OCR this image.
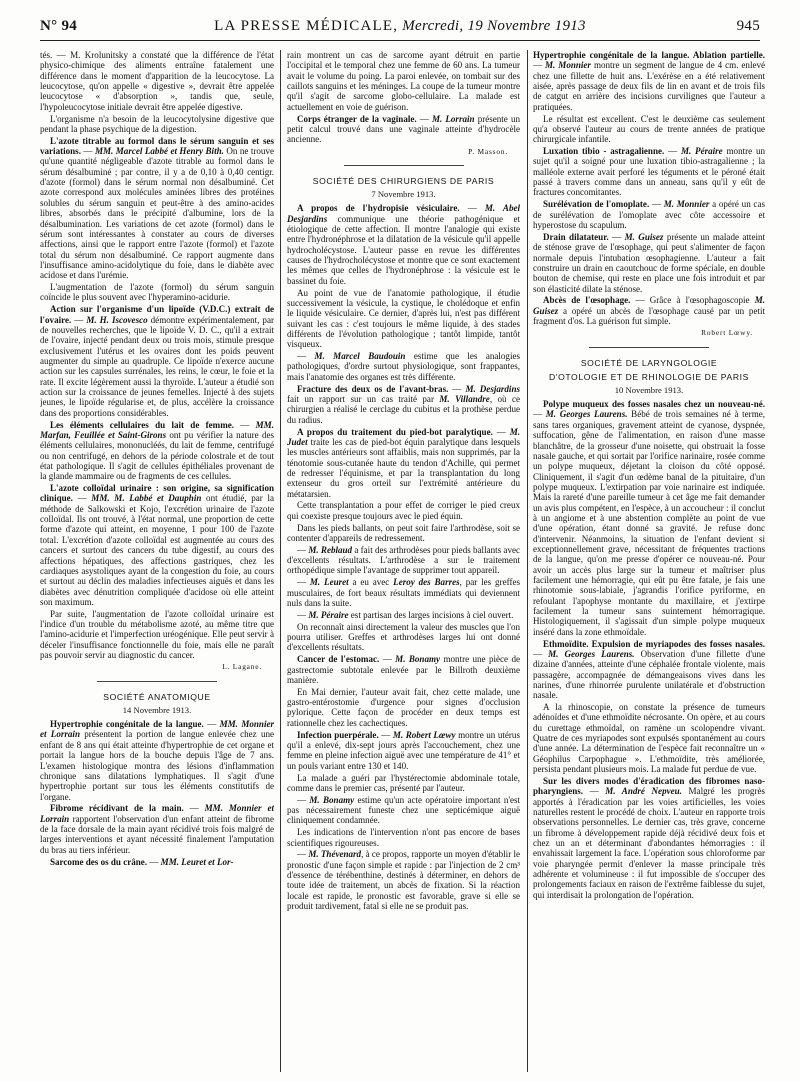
N° 94	LA PRESSE MÉDICALE, Mercredi, 19 Novembre 1913	945

tés. — M. Krolunitsky a constaté que la différence de l'état physico-chimique des aliments entraîne fatalement une différence dans le moment d'apparition de la leucocytose. La leucocytose, qu'on appelle « digestive », devrait être appelée leucocytose « d'absorption », tandis que, seule, l'hypoleucocytose initiale devrait être appelée digestive.

L'organisme n'a besoin de la leucocytolysine digestive que pendant la phase psychique de la digestion.

L'azote titrable au formol dans le sérum sanguin et ses variations. — MM. Marcel Labbé et Henry Bith. On ne trouve qu'une quantité négligeable d'azote titrable au formol dans le sérum désalbuminé ; par contre, il y a de 0,10 à 0,40 centigr. d'azote (formol) dans le sérum normal non désalbuminé. Cet azote correspond aux molécules aminées libres des protéines solubles du sérum sanguin et peut-être à des amino-acides libres, absorbés dans le précipité d'albumine, lors de la désalbumination. Les variations de cet azote (formol) dans le sérum sont intéressantes à constater au cours de diverses affections, ainsi que le rapport entre l'azote (formol) et l'azote total du sérum non désalbuminé. Ce rapport augmente dans l'insuffisance amino-acidolytique du foie, dans le diabète avec acidose et dans l'urémie.

L'augmentation de l'azote (formol) du sérum sanguin coïncide le plus souvent avec l'hyperamino-acidurie.

Action sur l'organisme d'un lipoïde (V.D.C.) extrait de l'ovaire. — M. H. Iscovesco démontre expérimentalement, par de nouvelles recherches, que le lipoïde V. D. C., qu'il a extrait de l'ovaire, injecté pendant deux ou trois mois, stimule presque exclusivement l'utérus et les ovaires dont les poids peuvent augmenter du simple au quadruple. Ce lipoïde n'exerce aucune action sur les capsules surrénales, les reins, le cœur, le foie et la rate. Il excite légèrement aussi la thyroïde. L'auteur a étudié son action sur la croissance de jeunes femelles. Injecté à des sujets jeunes, le lipoïde régularise et, de plus, accélère la croissance dans des proportions considérables.

Les éléments cellulaires du lait de femme. — MM. Marfan, Feuillée et Saint-Girons ont pu vérifier la nature des éléments cellulaires, mononucléés, du lait de femme, centrifugé ou non centrifugé, en dehors de la période colostrale et de tout état pathologique. Il s'agit de cellules épithéliales provenant de la glande mammaire ou de fragments de ces cellules.

L'azote colloïdal urinaire : son origine, sa signification clinique. — MM. M. Labbé et Dauphin ont étudié, par la méthode de Salkowski et Kojo, l'excrétion urinaire de l'azote colloïdal. Ils ont trouvé, à l'état normal, une proportion de cette forme d'azote qui atteint, en moyenne, 1 pour 100 de l'azote total. L'excrétion d'azote colloïdal est augmentée au cours des cancers et surtout des cancers du tube digestif, au cours des affections hépatiques, des affections gastriques, chez les cardiaques asystoliques ayant de la congestion du foie, au cours et surtout au déclin des maladies infectieuses aiguës et dans les diabètes avec dénutrition compliquée d'acidose où elle atteint son maximum.

Par suite, l'augmentation de l'azote colloïdal urinaire est l'indice d'un trouble du métabolisme azoté, au même titre que l'amino-acidurie et l'imperfection uréogénique. Elle peut servir à déceler l'insuffisance fonctionnelle du foie, mais elle ne paraît pas pouvoir servir au diagnostic du cancer.

L. Lagane.
SOCIÉTÉ ANATOMIQUE
14 Novembre 1913.

Hypertrophie congénitale de la langue. — MM. Monnier et Lorrain présentent la portion de langue enlevée chez une enfant de 8 ans qui était atteinte d'hypertrophie de cet organe et portait la langue hors de la bouche depuis l'âge de 7 ans. L'examen histologique montra des lésions d'inflammation chronique sans dilatations lymphatiques. Il s'agit d'une hypertrophie portant sur tous les éléments constitutifs de l'organe.

Fibrome récidivant de la main. — MM. Monnier et Lorrain rapportent l'observation d'un enfant atteint de fibrome de la face dorsale de la main ayant récidivé trois fois malgré de larges interventions et ayant nécessité finalement l'amputation du bras au tiers inférieur.

Sarcome des os du crâne. — MM. Leuret et Lor-

rain montrent un cas de sarcome ayant détruit en partie l'occipital et le temporal chez une femme de 60 ans. La tumeur avait le volume du poing. La paroi enlevée, on tombait sur des caillots sanguins et les méninges. La coupe de la tumeur montre qu'il s'agit de sarcome globo-cellulaire. La malade est actuellement en voie de guérison.

Corps étranger de la vaginale. — M. Lorrain présente un petit calcul trouvé dans une vaginale atteinte d'hydrocèle ancienne.

P. Masson.
SOCIÉTÉ DES CHIRURGIENS DE PARIS
7 Novembre 1913.

A propos de l'hydropisie vésiculaire. — M. Abel Desjardins communique une théorie pathogénique et étiologique de cette affection. Il montre l'analogie qui existe entre l'hydronéphrose et la dilatation de la vésicule qu'il appelle hydrocholécystose. L'auteur passe en revue les différentes causes de l'hydrocholécystose et montre que ce sont exactement les mêmes que celles de l'hydronéphrose : la vésicule est le bassinet du foie.

Au point de vue de l'anatomie pathologique, il étudie successivement la vésicule, la cystique, le cholédoque et enfin le liquide vésiculaire. Ce dernier, d'après lui, n'est pas différent suivant les cas : c'est toujours le même liquide, à des stades différents de l'évolution pathologique ; tantôt limpide, tantôt visqueux.

— M. Marcel Baudouin estime que les analogies pathologiques, d'ordre surtout physiologique, sont frappantes, mais l'anatomie des organes est très différente.

Fracture des deux os de l'avant-bras. — M. Desjardins fait un rapport sur un cas traité par M. Villandre, où ce chirurgien a réalisé le cerclage du cubitus et la prothèse perdue du radius.

A propos du traitement du pied-bot paralytique. — M. Judet traite les cas de pied-bot équin paralytique dans lesquels les muscles antérieurs sont affaiblis, mais non supprimés, par la ténotomie sous-cutanée haute du tendon d'Achille, qui permet de redresser l'équinisme, et par la transplantation du long extenseur du gros orteil sur l'extrémité antérieure du métatarsien.

Cette transplantation a pour effet de corriger le pied creux qui coexiste presque toujours avec le pied équin.

Dans les pieds ballants, on peut soit faire l'arthrodèse, soit se contenter d'appareils de redressement.

— M. Reblaud a fait des arthrodèses pour pieds ballants avec d'excellents résultats. L'arthrodèse a sur le traitement orthopédique simple l'avantage de supprimer tout appareil.

— M. Leuret a eu avec Leroy des Barres, par les greffes musculaires, de fort beaux résultats immédiats qui deviennent nuls dans la suite.

— M. Péraire est partisan des larges incisions à ciel ouvert.

On reconnaît ainsi directement la valeur des muscles que l'on pourra utiliser. Greffes et arthrodèses larges lui ont donné d'excellents résultats.

Cancer de l'estomac. — M. Bonamy montre une pièce de gastrectomie subtotale enlevée par le Billroth deuxième manière.

En Mai dernier, l'auteur avait fait, chez cette malade, une gastro-entérostomie d'urgence pour signes d'occlusion pylorique. Cette façon de procéder en deux temps est rationnelle chez les cachectiques.

Infection puerpérale. — M. Robert Lœwy montre un utérus qu'il a enlevé, dix-sept jours après l'accouchement, chez une femme en pleine infection aiguë avec une température de 41° et un pouls variant entre 130 et 140.

La malade a guéri par l'hystérectomie abdominale totale, comme dans le premier cas, présenté par l'auteur.

— M. Bonamy estime qu'un acte opératoire important n'est pas nécessairement funeste chez une septicémique aiguë cliniquement condamnée.

Les indications de l'intervention n'ont pas encore de bases scientifiques rigoureuses.

— M. Thévenard, à ce propos, rapporte un moyen d'établir le pronostic d'une façon simple et rapide : par l'injection de 2 cm³ d'essence de térébenthine, destinés à déterminer, en dehors de toute idée de traitement, un abcès de fixation. Si la réaction locale est rapide, le pronostic est favorable, grave si elle se produit tardivement, fatal si elle ne se produit pas.

Hypertrophie congénitale de la langue. Ablation partielle. — M. Monnier montre un segment de langue de 4 cm. enlevé chez une fillette de huit ans. L'exérèse en a été relativement aisée, après passage de deux fils de lin en avant et de trois fils de catgut en arrière des incisions curvilignes que l'auteur a pratiquées.

Le résultat est excellent. C'est le deuxième cas seulement qu'a observé l'auteur au cours de trente années de pratique chirurgicale infantile.

Luxation tibio - astragalienne. — M. Péraire montre un sujet qu'il a soigné pour une luxation tibio-astragalienne ; la malléole externe avait perforé les téguments et le péroné était passé à travers comme dans un anneau, sans qu'il y eût de fractures concomitantes.

Surélévation de l'omoplate. — M. Monnier a opéré un cas de surélévation de l'omoplate avec côte accessoire et hyperostose du scapulum.

Drain dilatateur. — M. Guisez présente un malade atteint de sténose grave de l'œsophage, qui peut s'alimenter de façon normale depuis l'intubation œsophagienne. L'auteur a fait construire un drain en caoutchouc de forme spéciale, en double bouton de chemise, qui reste en place une fois introduit et par son élasticité dilate la sténose.

Abcès de l'œsophage. — Grâce à l'œsophagoscopie M. Guisez a opéré un abcès de l'œsophage causé par un petit fragment d'os. La guérison fut simple.

Robert Lœwy.
SOCIÉTÉ DE LARYNGOLOGIE
D'OTOLOGIE ET DE RHINOLOGIE DE PARIS
10 Novembre 1913.

Polype muqueux des fosses nasales chez un nouveau-né. — M. Georges Laurens. Bébé de trois semaines né à terme, sans tares organiques, gravement atteint de cyanose, dyspnée, suffocation, gêne de l'alimentation, en raison d'une masse blanchâtre, de la grosseur d'une noisette, qui obstruait la fosse nasale gauche, et qui sortait par l'orifice narinaire, rosée comme un polype muqueux, déjetant la cloison du côté opposé. Cliniquement, il s'agit d'un œdème banal de la pituitaire, d'un polype muqueux. L'extirpation par voie narinaire est indiquée. Mais la rareté d'une pareille tumeur à cet âge me fait demander un avis plus compétent, en l'espèce, à un accoucheur : il conclut à un angiome et à une abstention complète au point de vue d'une opération, étant donné sa gravité. Je refuse donc d'intervenir. Néanmoins, la situation de l'enfant devient si exceptionnellement grave, nécessitant de fréquentes tractions de la langue, qu'on me presse d'opérer ce nouveau-né. Pour avoir un accès plus large sur la tumeur et maîtriser plus facilement une hémorragie, qui eût pu être fatale, je fais une rhinotomie sous-labiale, j'agrandis l'orifice pyriforme, en refoulant l'apophyse montante du maxillaire, et j'extirpe facilement la tumeur sans suintement hémorragique. Histologiquement, il s'agissait d'un simple polype muqueux inséré dans la zone ethmoïdale.

Ethmoïdite. Expulsion de myriapodes des fosses nasales. — M. Georges Laurens. Observation d'une fillette d'une dizaine d'années, atteinte d'une céphalée frontale violente, mais passagère, accompagnée de démangeaisons vives dans les narines, d'une rhinorrée purulente unilatérale et d'obstruction nasale.

A la rhinoscopie, on constate la présence de tumeurs adénoïdes et d'une ethmoïdite nécrosante. On opère, et au cours du curettage ethmoïdal, on ramène un scolopendre vivant. Quatre de ces myriapodes sont expulsés spontanément au cours d'une année. La détermination de l'espèce fait reconnaître un « Géophilus Carpophague ». L'ethmoïdite, très améliorée, persista pendant plusieurs mois. La malade fut perdue de vue.

Sur les divers modes d'éradication des fibromes naso-pharyngiens. — M. André Nepveu. Malgré les progrès apportés à l'éradication par les voies artificielles, les voies naturelles restent le procédé de choix. L'auteur en rapporte trois observations personnelles. Le dernier cas, très grave, concerne un fibrome à développement rapide déjà récidivé deux fois et chez un an et déterminant d'abondantes hémorragies : il envahissait largement la face. L'opération sous chloroforme par voie pharyngée permit d'enlever la masse principale très adhérente et volumineuse : il fut impossible de s'occuper des prolongements faciaux en raison de l'extrême faiblesse du sujet, qui interdisait la prolongation de l'opération.
